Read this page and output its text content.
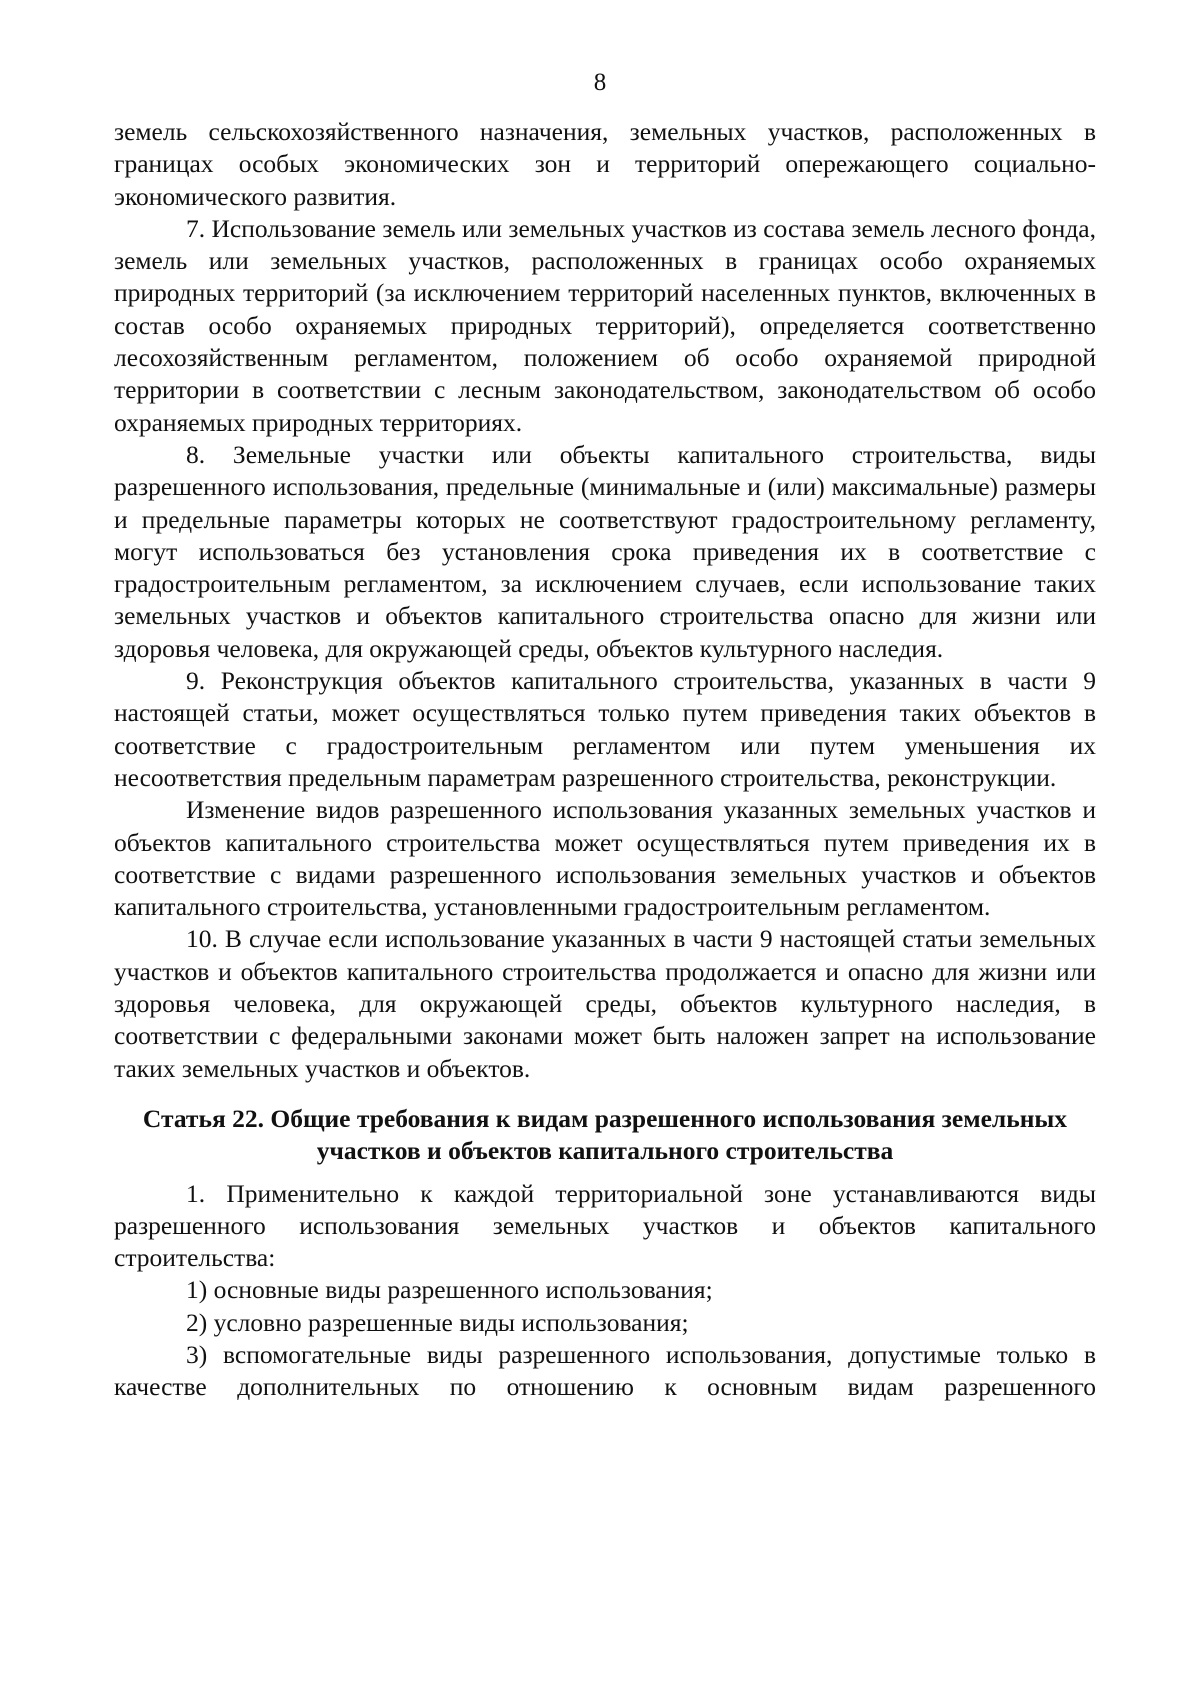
8

земель сельскохозяйственного назначения, земельных участков, расположенных в границах особых экономических зон и территорий опережающего социально-экономического развития.

7. Использование земель или земельных участков из состава земель лесного фонда, земель или земельных участков, расположенных в границах особо охраняемых природных территорий (за исключением территорий населенных пунктов, включенных в состав особо охраняемых природных территорий), определяется соответственно лесохозяйственным регламентом, положением об особо охраняемой природной территории в соответствии с лесным законодательством, законодательством об особо охраняемых природных территориях.

8. Земельные участки или объекты капитального строительства, виды разрешенного использования, предельные (минимальные и (или) максимальные) размеры и предельные параметры которых не соответствуют градостроительному регламенту, могут использоваться без установления срока приведения их в соответствие с градостроительным регламентом, за исключением случаев, если использование таких земельных участков и объектов капитального строительства опасно для жизни или здоровья человека, для окружающей среды, объектов культурного наследия.

9. Реконструкция объектов капитального строительства, указанных в части 9 настоящей статьи, может осуществляться только путем приведения таких объектов в соответствие с градостроительным регламентом или путем уменьшения их несоответствия предельным параметрам разрешенного строительства, реконструкции.

Изменение видов разрешенного использования указанных земельных участков и объектов капитального строительства может осуществляться путем приведения их в соответствие с видами разрешенного использования земельных участков и объектов капитального строительства, установленными градостроительным регламентом.

10. В случае если использование указанных в части 9 настоящей статьи земельных участков и объектов капитального строительства продолжается и опасно для жизни или здоровья человека, для окружающей среды, объектов культурного наследия, в соответствии с федеральными законами может быть наложен запрет на использование таких земельных участков и объектов.

Статья 22. Общие требования к видам разрешенного использования земельных
участков и объектов капитального строительства

1. Применительно к каждой территориальной зоне устанавливаются виды разрешенного использования земельных участков и объектов капитального строительства:

1) основные виды разрешенного использования;

2) условно разрешенные виды использования;

3) вспомогательные виды разрешенного использования, допустимые только в качестве дополнительных по отношению к основным видам разрешенного
